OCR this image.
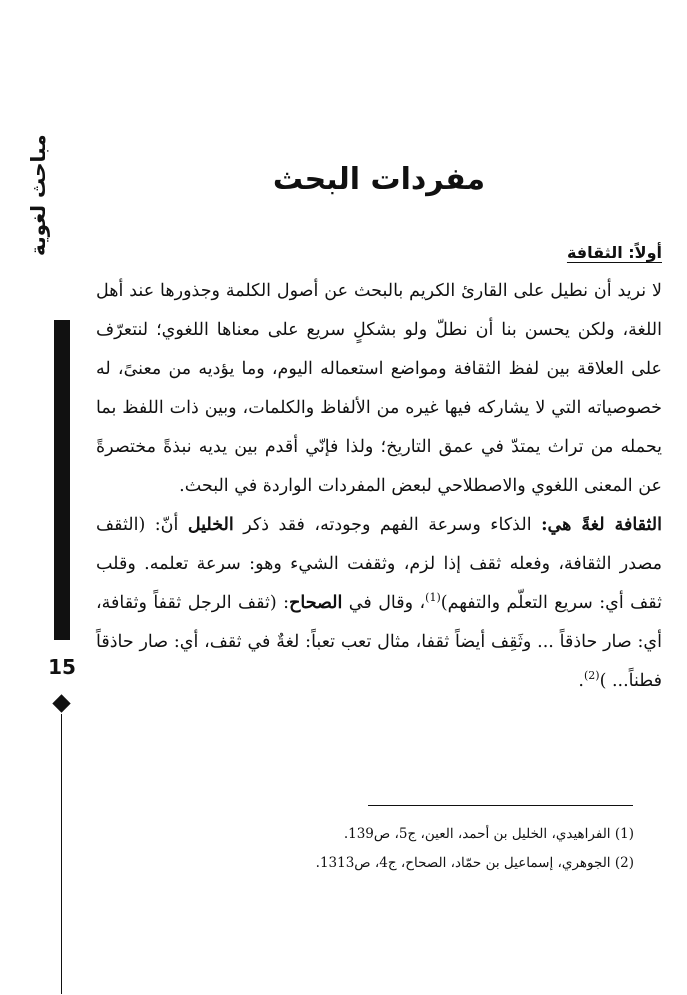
مباحث لغوية
15
مفردات البحث
أولاً: الثقافة

لا نريد أن نطيل على القارئ الكريم بالبحث عن أصول الكلمة وجذورها عند أهل اللغة، ولكن يحسن بنا أن نطلّ ولو بشكلٍ سريع على معناها اللغوي؛ لنتعرّف على العلاقة بين لفظ الثقافة ومواضع استعماله اليوم، وما يؤديه من معنىً، له خصوصياته التي لا يشاركه فيها غيره من الألفاظ والكلمات، وبين ذات اللفظ بما يحمله من تراث يمتدّ في عمق التاريخ؛ ولذا فإنّي أقدم بين يديه نبذةً مختصرةً عن المعنى اللغوي والاصطلاحي لبعض المفردات الواردة في البحث.

الثقافة لغةً هي: الذكاء وسرعة الفهم وجودته، فقد ذكر الخليل أنّ: (الثقف مصدر الثقافة، وفعله ثقف إذا لزم، وثقفت الشيء وهو: سرعة تعلمه. وقلب ثقف أي: سريع التعلّم والتفهم)$^{(1)}$، وقال في الصحاح: (ثقف الرجل ثقفاً وثقافة، أي: صار حاذقاً ... وثَقِف أيضاً ثقفا، مثال تعب تعباً: لغةٌ في ثقف، أي: صار حاذقاً فطناً... )$^{(2)}$.

(1) الفراهيدي، الخليل بن أحمد، العين، ج5، ص139.

(2) الجوهري، إسماعيل بن حمّاد، الصحاح، ج4، ص1313.
